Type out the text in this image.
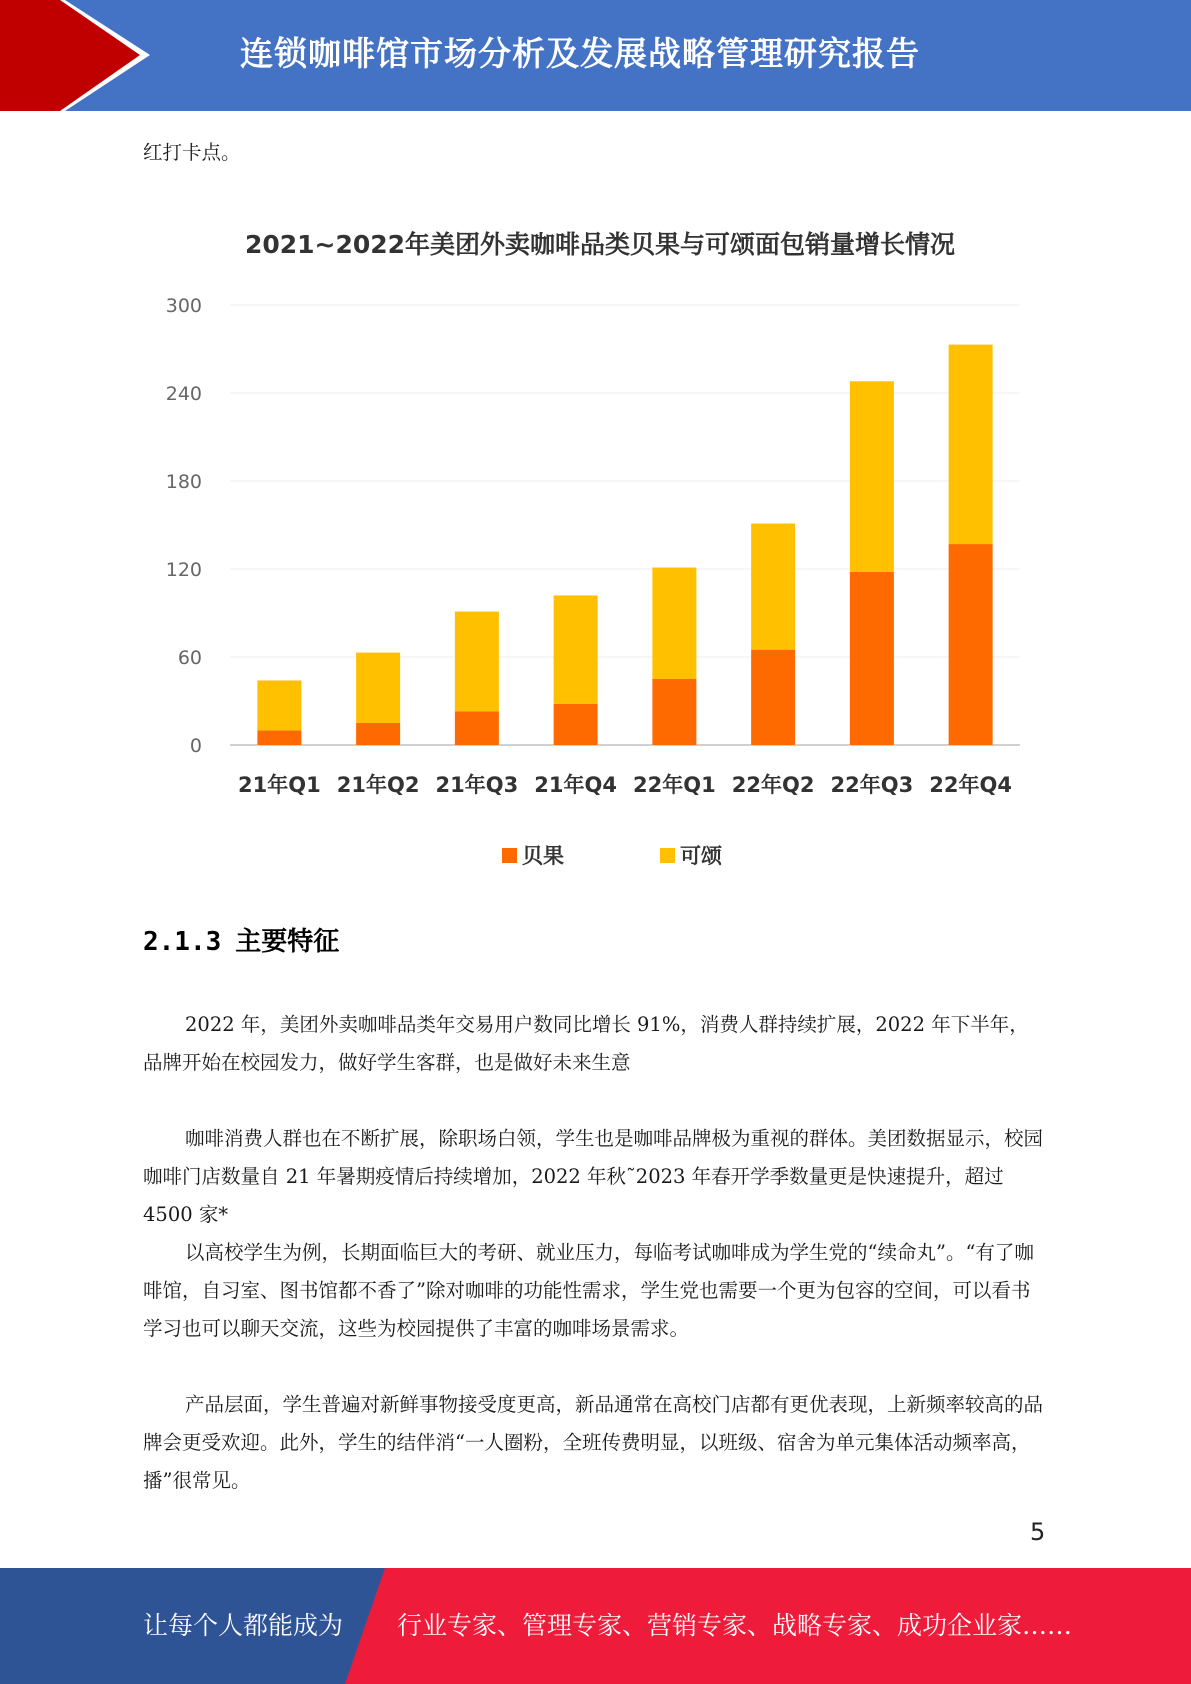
连锁咖啡馆市场分析及发展战略管理研究报告

红打卡点。

2021~2022年美团外卖咖啡品类贝果与可颂面包销量增长情况
0
60
120
180
240
300
21年Q1 21年Q2 21年Q3 21年Q4 22年Q1 22年Q2 22年Q3 22年Q4
贝果	可颂
2.1.3 主要特征

2022 年，美团外卖咖啡品类年交易用户数同比增长 91%，消费人群持续扩展，2022 年下半年，品牌开始在校园发力，做好学生客群，也是做好未来生意

咖啡消费人群也在不断扩展，除职场白领，学生也是咖啡品牌极为重视的群体。美团数据显示，校园咖啡门店数量自 21 年暑期疫情后持续增加，2022 年秋˜2023 年春开学季数量更是快速提升，超过 4500 家*

以高校学生为例，长期面临巨大的考研、就业压力，每临考试咖啡成为学生党的“续命丸”。“有了咖啡馆，自习室、图书馆都不香了”除对咖啡的功能性需求，学生党也需要一个更为包容的空间，可以看书学习也可以聊天交流，这些为校园提供了丰富的咖啡场景需求。

产品层面，学生普遍对新鲜事物接受度更高，新品通常在高校门店都有更优表现，上新频率较高的品牌会更受欢迎。此外，学生的结伴消“一人圈粉，全班传费明显，以班级、宿舍为单元集体活动频率高，播”很常见。

5
让每个人都能成为 行业专家、管理专家、营销专家、战略专家、成功企业家……
